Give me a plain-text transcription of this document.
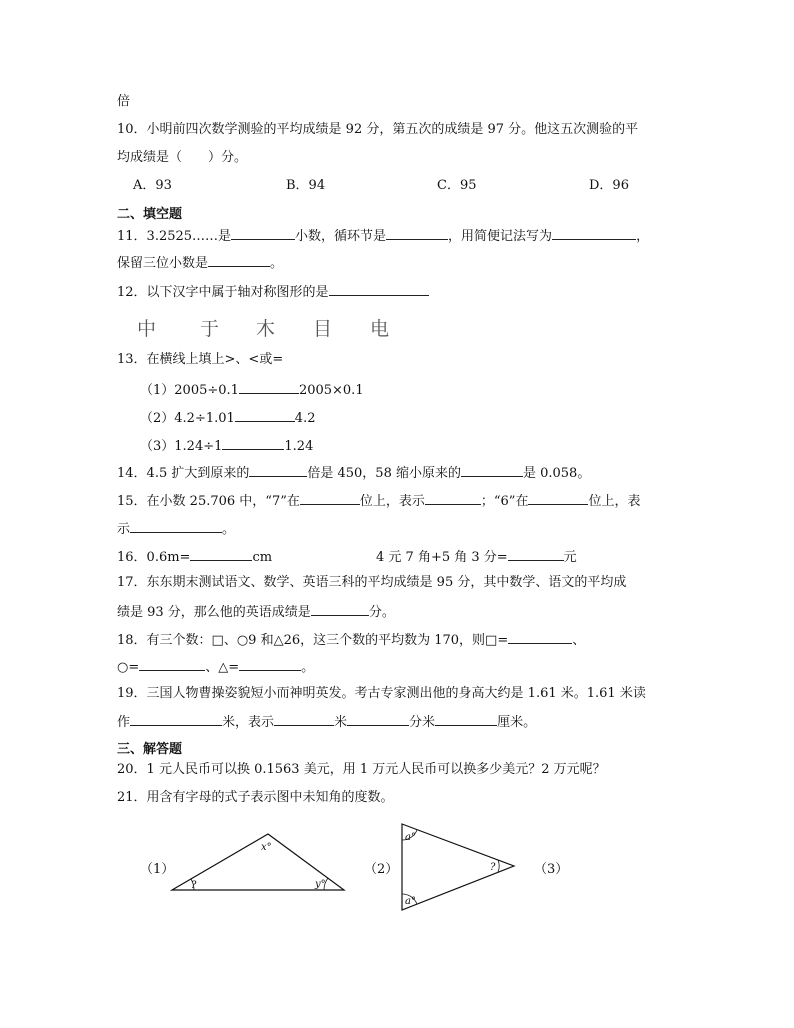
倍
10．小明前四次数学测验的平均成绩是 92 分，第五次的成绩是 97 分。他这五次测验的平
均成绩是（　　）分。
A．93	B．94	C．95	D．96
二、填空题
11．3.2525……是	小数，循环节是	，用简便记法写为	，
保留三位小数是	。
12．以下汉字中属于轴对称图形的是
中 于 木 目 电
13．在横线上填上>、<或=
（1）2005÷0.1	2005×0.1
（2）4.2÷1.01	4.2
（3）1.24÷1	1.24
14．4.5 扩大到原来的	倍是 450，58 缩小原来的	是 0.058。
15．在小数 25.706 中，“7”在	位上，表示	；“6”在	位上，表
示	。
16．0.6m=	cm	4 元 7 角+5 角 3 分=	元
17．东东期末测试语文、数学、英语三科的平均成绩是 95 分，其中数学、语文的平均成
绩是 93 分，那么他的英语成绩是	分。
18．有三个数：□、○9 和△26，这三个数的平均数为 170，则□=	、
○=	、△=	。
19．三国人物曹操姿貌短小而神明英发。考古专家测出他的身高大约是 1.61 米。1.61 米读
作	米，表示	米	分米	厘米。
三、解答题
20．1 元人民币可以换 0.1563 美元，用 1 万元人民币可以换多少美元？2 万元呢？
21．用含有字母的式子表示图中未知角的度数。
（1）
x°
?	y°
（2）
a°
a°
?	（3）
